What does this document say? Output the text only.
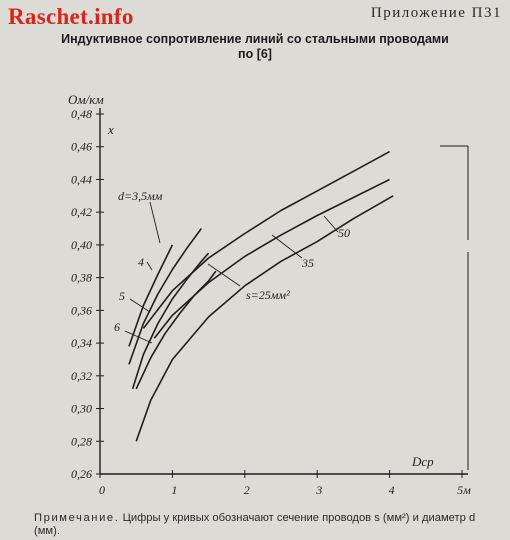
Raschet.info	Приложение П31
Индуктивное сопротивление линий со стальными проводами
по [6]
0,26
0,28
0,30
0,32
0,34
0,36
0,38
0,40
0,42
0,44
0,46
0,48
0	1	2	3	4	5м
Ом/км
x
Dср
d=3,5мм
4
5
6
s=25мм²
35
50
Примечание. Цифры у кривых обозначают сечение проводов s (мм²) и диаметр d (мм).
